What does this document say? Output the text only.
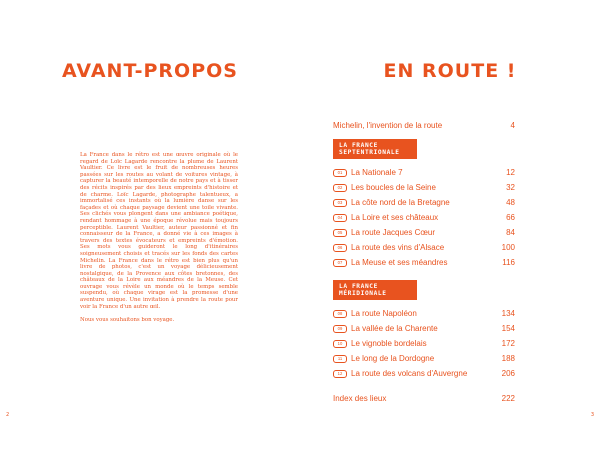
AVANT-PROPOS

La France dans le rétro est une œuvre originale où le regard de Loïc Lagarde rencontre la plume de Laurent Vaultier. Ce livre est le fruit de nombreuses heures passées sur les routes au volant de voitures vintage, à capturer la beauté intemporelle de notre pays et à tisser des récits inspirés par des lieux empreints d'histoire et de charme. Loïc Lagarde, photographe talentueux, a immortalisé ces instants où la lumière danse sur les façades et où chaque paysage devient une toile vivante. Ses clichés vous plongent dans une ambiance poétique, rendant hommage à une époque révolue mais toujours perceptible. Laurent Vaultier, auteur passionné et fin connaisseur de la France, a donné vie à ces images à travers des textes évocateurs et empreints d'émotion. Ses mots vous guideront le long d'itinéraires soigneusement choisis et tracés sur les fonds des cartes Michelin. La France dans le rétro est bien plus qu'un livre de photos, c'est un voyage délicieusement nostalgique, de la Provence aux côtes bretonnes, des châteaux de la Loire aux méandres de la Meuse. Cet ouvrage vous révèle un monde où le temps semble suspendu, où chaque virage est la promesse d'une aventure unique. Une invitation à prendre la route pour voir la France d'un autre œil.

Nous vous souhaitons bon voyage.

2
EN ROUTE !
Michelin, l'invention de la route	4
LA FRANCE SEPTENTRIONALE
01	La Nationale 7	12
02	Les boucles de la Seine	32
03	La côte nord de la Bretagne	48
04	La Loire et ses châteaux	66
05	La route Jacques Cœur	84
06	La route des vins d'Alsace	100
07	La Meuse et ses méandres	116
LA FRANCE MÉRIDIONALE
08	La route Napoléon	134
09	La vallée de la Charente	154
10	Le vignoble bordelais	172
11	Le long de la Dordogne	188
12	La route des volcans d'Auvergne	206
Index des lieux	222
3
